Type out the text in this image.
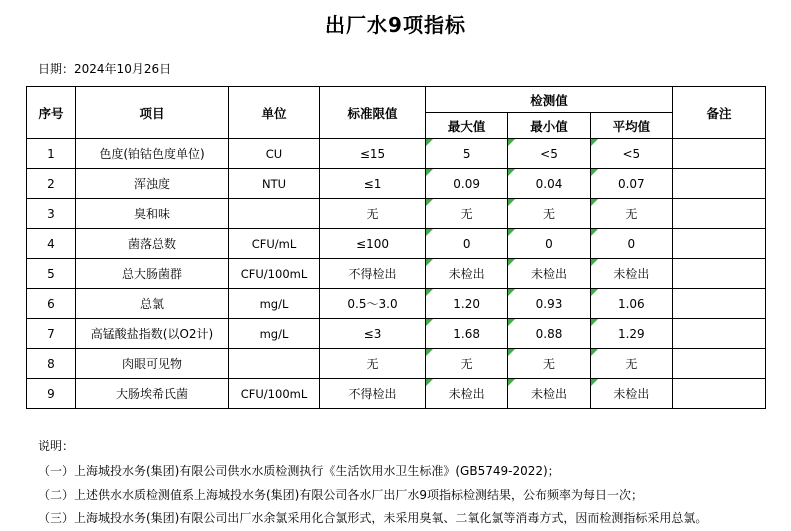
出厂水9项指标
日期：2024年10月26日
序号	项目	单位	标准限值	检测值			备注
				最大值	最小值	平均值	
1	色度(铂钴色度单位)	CU	≤15	5	<5	<5	
2	浑浊度	NTU	≤1	0.09	0.04	0.07	
3	臭和味		无	无	无	无	
4	菌落总数	CFU/mL	≤100	0	0	0	
5	总大肠菌群	CFU/100mL	不得检出	未检出	未检出	未检出	
6	总氯	mg/L	0.5～3.0	1.20	0.93	1.06	
7	高锰酸盐指数(以O2计)	mg/L	≤3	1.68	0.88	1.29	
8	肉眼可见物		无	无	无	无	
9	大肠埃希氏菌	CFU/100mL	不得检出	未检出	未检出	未检出	
说明：
（一）上海城投水务(集团)有限公司供水水质检测执行《生活饮用水卫生标准》(GB5749-2022)；
（二）上述供水水质检测值系上海城投水务(集团)有限公司各水厂出厂水9项指标检测结果，公布频率为每日一次；
（三）上海城投水务(集团)有限公司出厂水余氯采用化合氯形式，未采用臭氧、二氧化氯等消毒方式，因而检测指标采用总氯。
